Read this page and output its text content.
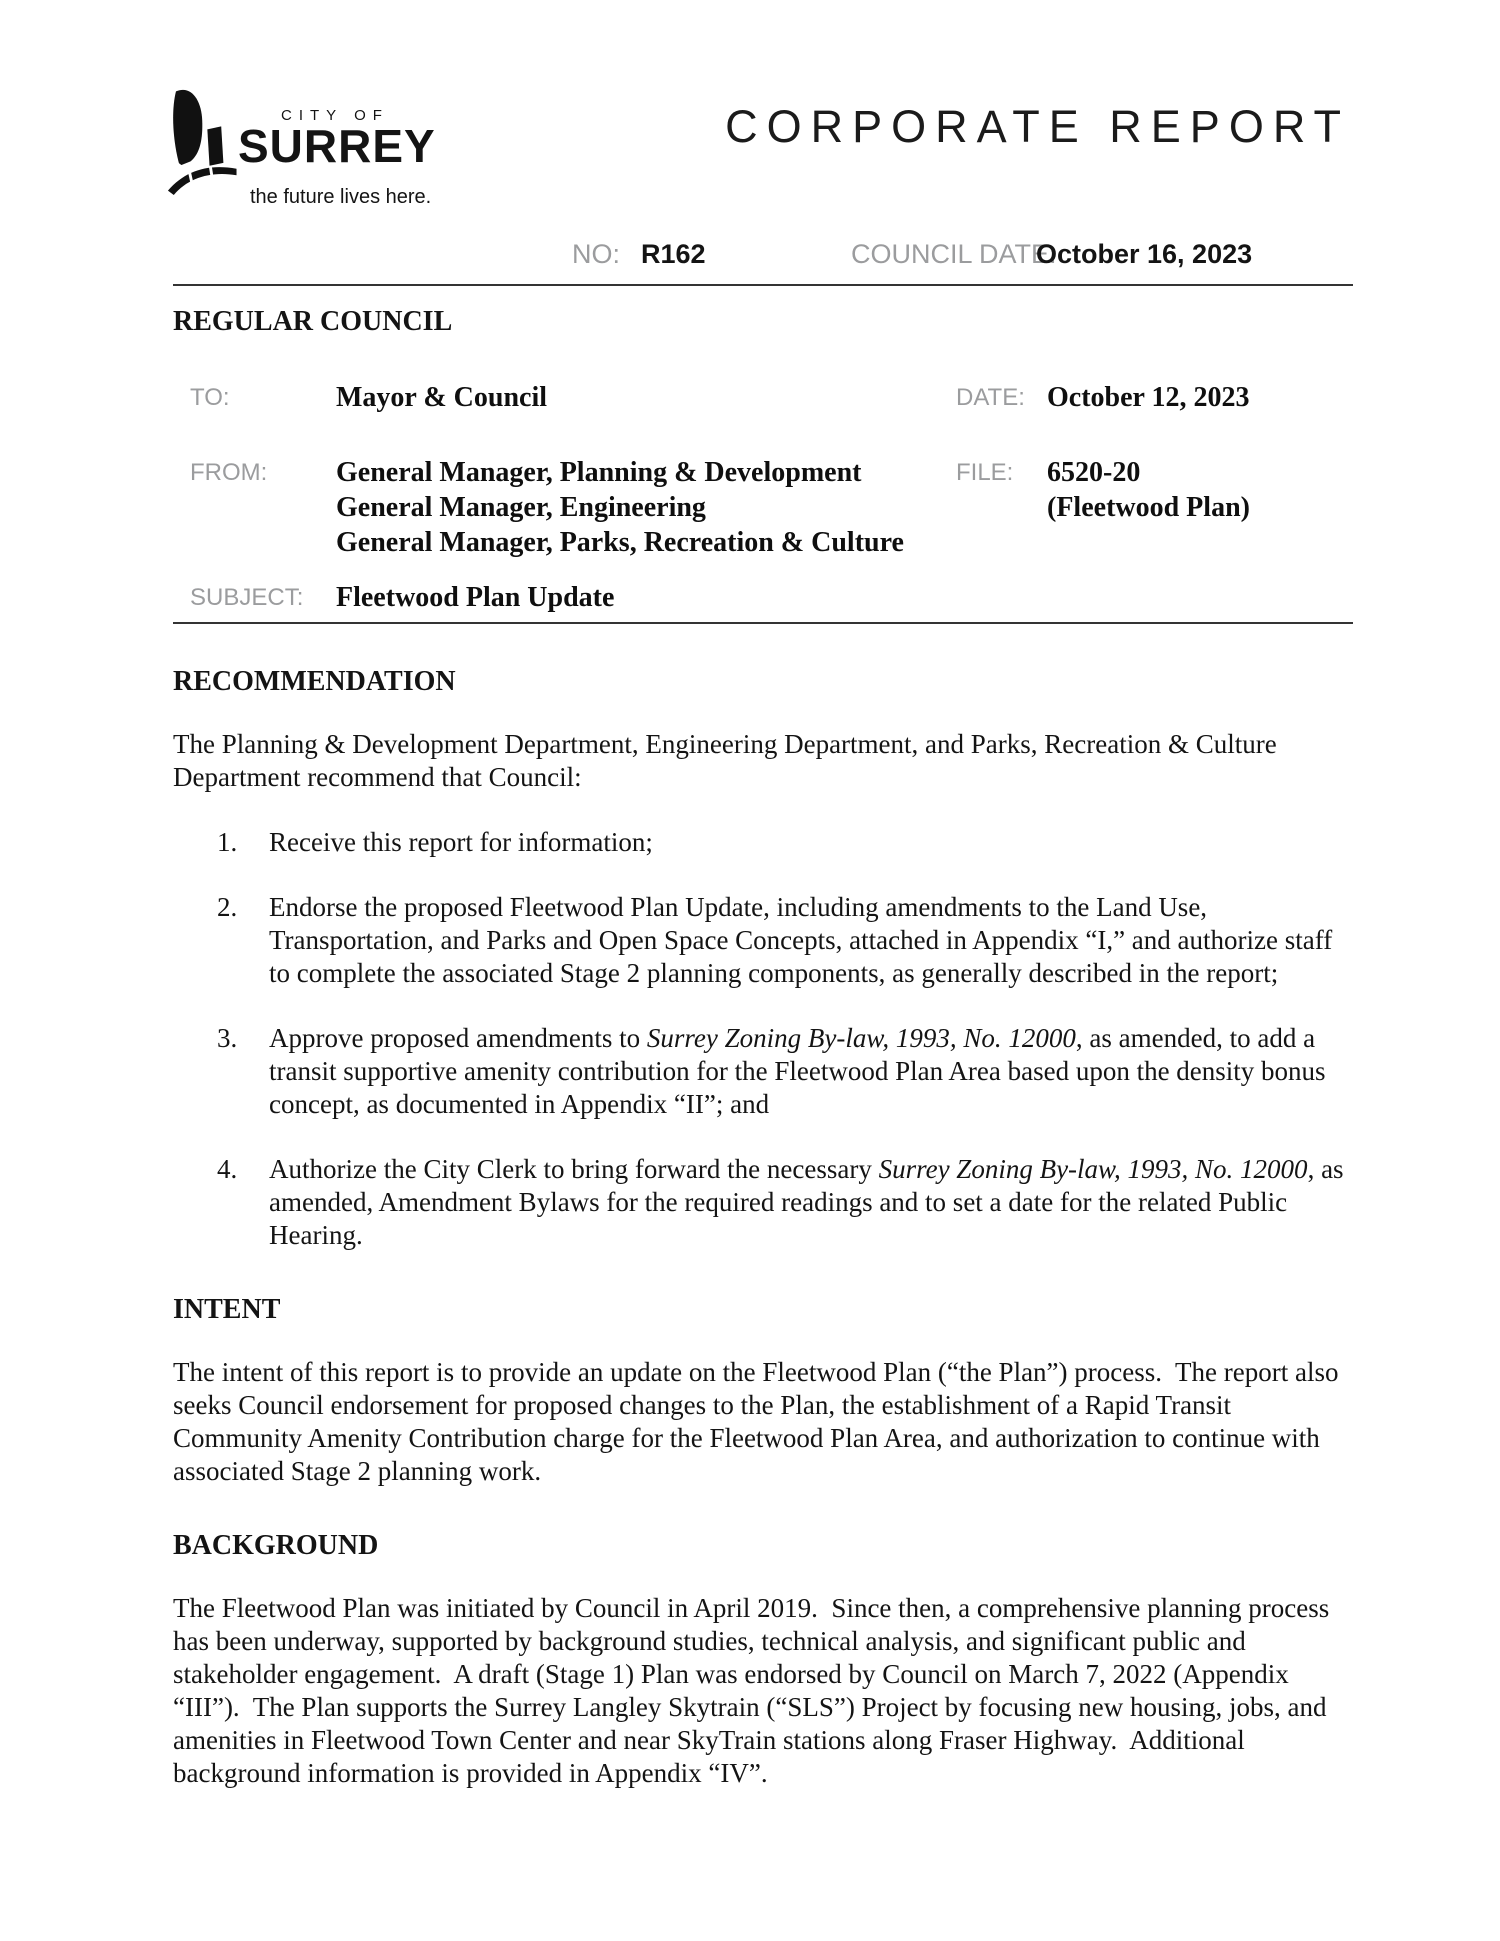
CITY OF
SURREY
the future lives here.
CORPORATE REPORT
NO: R162	COUNCIL DATE:
October 16, 2023
REGULAR COUNCIL
TO:	Mayor & Council	DATE: October 12, 2023
FROM:	General Manager, Planning & Development
General Manager, Engineering
General Manager, Parks, Recreation & Culture
FILE:	6520-20
(Fleetwood Plan)
SUBJECT:	Fleetwood Plan Update
RECOMMENDATION

The Planning & Development Department, Engineering Department, and Parks, Recreation & Culture Department recommend that Council:

1. Receive this report for information;
2. Endorse the proposed Fleetwood Plan Update, including amendments to the Land Use, Transportation, and Parks and Open Space Concepts, attached in Appendix “I,” and authorize staff to complete the associated Stage 2 planning components, as generally described in the report;
3. Approve proposed amendments to Surrey Zoning By-law, 1993, No. 12000, as amended, to add a transit supportive amenity contribution for the Fleetwood Plan Area based upon the density bonus concept, as documented in Appendix “II”; and
4. Authorize the City Clerk to bring forward the necessary Surrey Zoning By-law, 1993, No. 12000, as amended, Amendment Bylaws for the required readings and to set a date for the related Public Hearing.
INTENT

The intent of this report is to provide an update on the Fleetwood Plan (“the Plan”) process.  The report also seeks Council endorsement for proposed changes to the Plan, the establishment of a Rapid Transit Community Amenity Contribution charge for the Fleetwood Plan Area, and authorization to continue with associated Stage 2 planning work.

BACKGROUND

The Fleetwood Plan was initiated by Council in April 2019.  Since then, a comprehensive planning process has been underway, supported by background studies, technical analysis, and significant public and stakeholder engagement.  A draft (Stage 1) Plan was endorsed by Council on March 7, 2022 (Appendix “III”).  The Plan supports the Surrey Langley Skytrain (“SLS”) Project by focusing new housing, jobs, and amenities in Fleetwood Town Center and near SkyTrain stations along Fraser Highway.  Additional background information is provided in Appendix “IV”.
